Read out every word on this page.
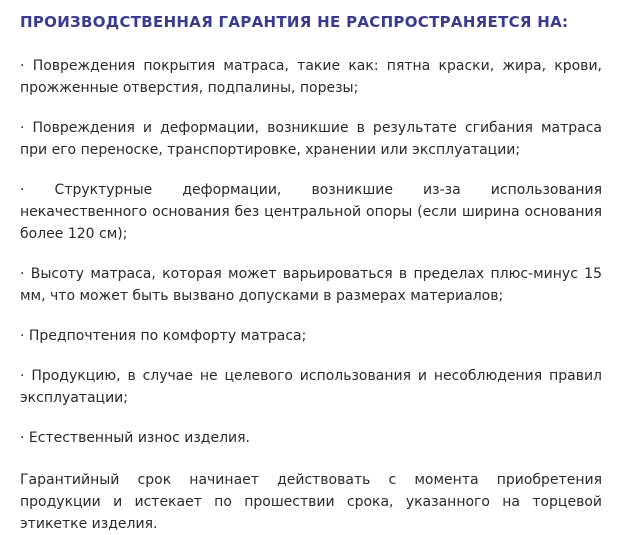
ПРОИЗВОДСТВЕННАЯ ГАРАНТИЯ НЕ РАСПРОСТРАНЯЕТСЯ НА:
· Повреждения покрытия матраса, такие как: пятна краски, жира, крови, прожженные отверстия, подпалины, порезы;
· Повреждения и деформации, возникшие в результате сгибания матраса при его переноске, транспортировке, хранении или эксплуатации;
· Структурные деформации, возникшие из-за использования некачественного основания без центральной опоры (если ширина основания более 120 см);
· Высоту матраса, которая может варьироваться в пределах плюс-минус 15 мм, что может быть вызвано допусками в размерах материалов;
· Предпочтения по комфорту матраса;
· Продукцию, в случае не целевого использования и несоблюдения правил эксплуатации;
· Естественный износ изделия.

Гарантийный срок начинает действовать с момента приобретения продукции и истекает по прошествии срока, указанного на торцевой этикетке изделия.
